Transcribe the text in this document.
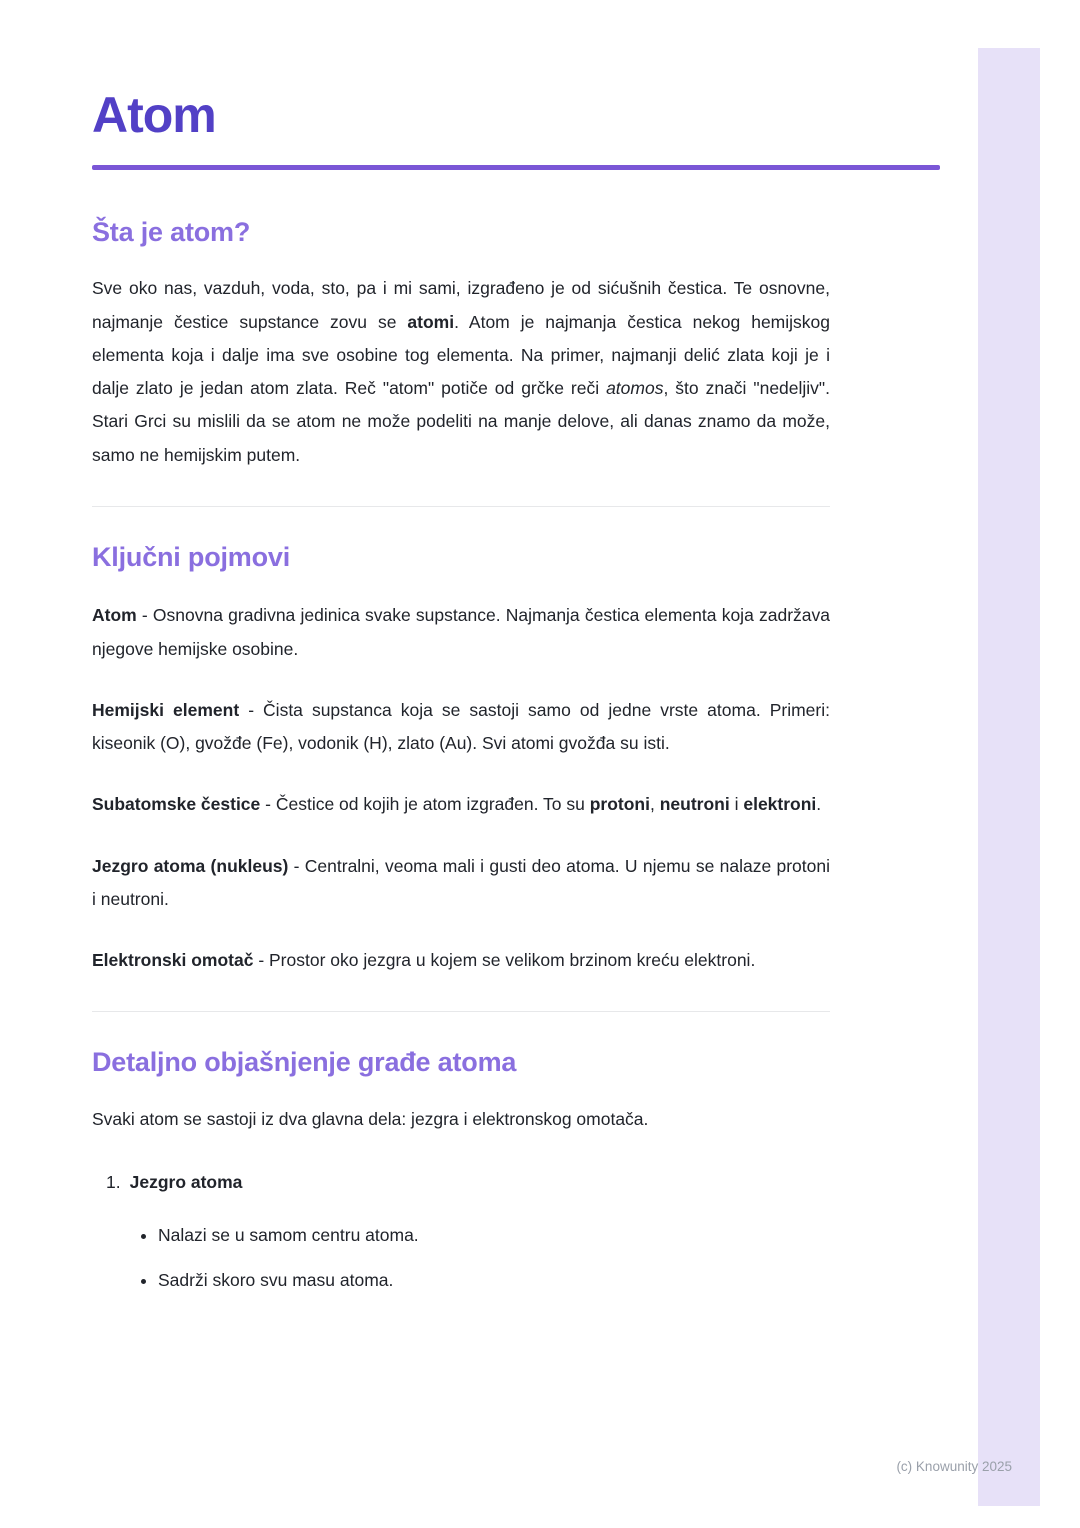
Atom
Šta je atom?

Sve oko nas, vazduh, voda, sto, pa i mi sami, izgrađeno je od sićušnih čestica. Te osnovne, najmanje čestice supstance zovu se atomi. Atom je najmanja čestica nekog hemijskog elementa koja i dalje ima sve osobine tog elementa. Na primer, najmanji delić zlata koji je i dalje zlato je jedan atom zlata. Reč "atom" potiče od grčke reči atomos, što znači "nedeljiv". Stari Grci su mislili da se atom ne može podeliti na manje delove, ali danas znamo da može, samo ne hemijskim putem.

Ključni pojmovi

Atom - Osnovna gradivna jedinica svake supstance. Najmanja čestica elementa koja zadržava njegove hemijske osobine.

Hemijski element - Čista supstanca koja se sastoji samo od jedne vrste atoma. Primeri: kiseonik (O), gvožđe (Fe), vodonik (H), zlato (Au). Svi atomi gvožđa su isti.

Subatomske čestice - Čestice od kojih je atom izgrađen. To su protoni, neutroni i elektroni.

Jezgro atoma (nukleus) - Centralni, veoma mali i gusti deo atoma. U njemu se nalaze protoni i neutroni.

Elektronski omotač - Prostor oko jezgra u kojem se velikom brzinom kreću elektroni.

Detaljno objašnjenje građe atoma

Svaki atom se sastoji iz dva glavna dela: jezgra i elektronskog omotača.

1. Jezgro atoma
• Nalazi se u samom centru atoma.
• Sadrži skoro svu masu atoma.
(c) Knowunity 2025
